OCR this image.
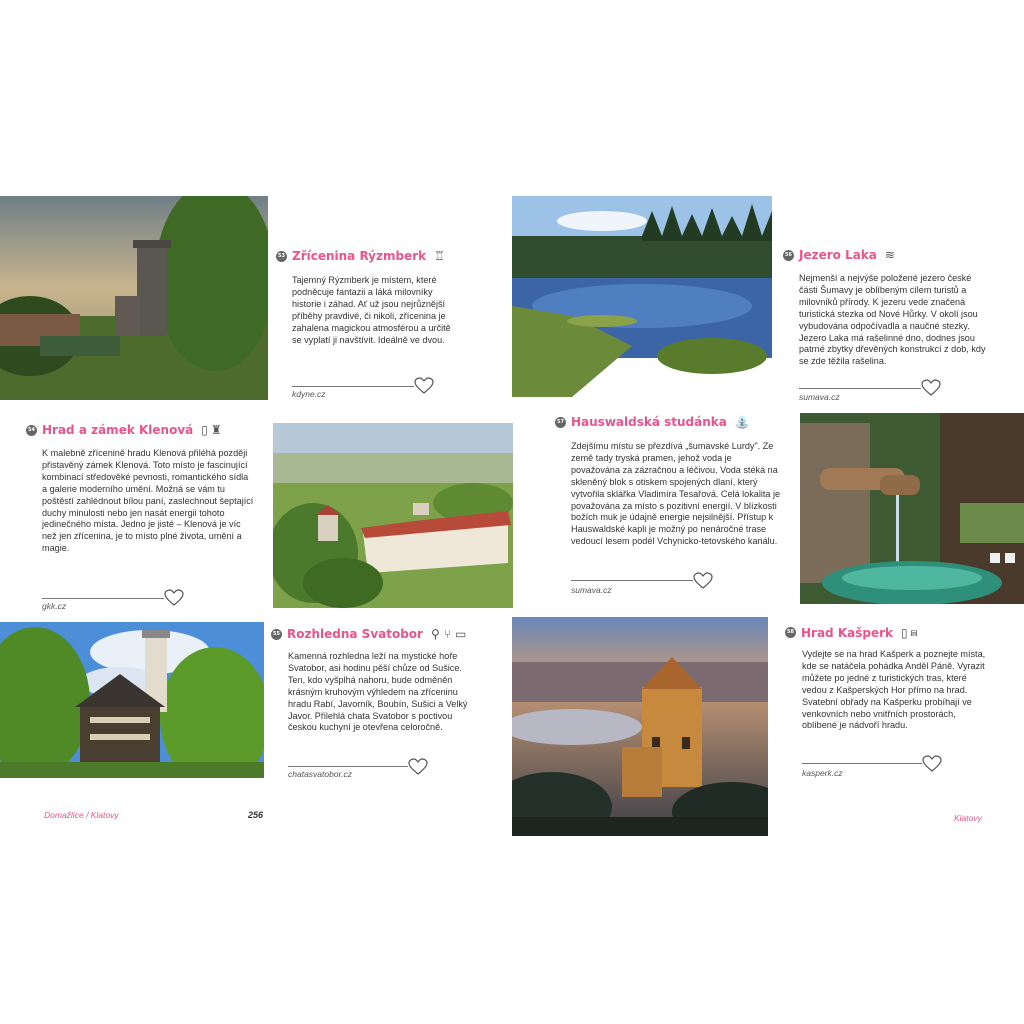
53 Zřícenina Rýzmberk ♖
Tajemný Rýzmberk je místem, které podněcuje fantazii a láká milovníky historie i záhad. Ať už jsou nejrůznější příběhy pravdivé, či nikoli, zřícenina je zahalena magickou atmosférou a určitě se vyplatí ji navštívit. Ideálně ve dvou.
kdyne.cz
54 Hrad a zámek Klenová ▯ ♜
K malebně zřícenině hradu Klenová přiléhá později přistavěný zámek Klenová. Toto místo je fascinující kombinací středověké pevnosti, romantického sídla a galerie moderního umění. Možná se vám tu poštěstí zahlédnout bílou paní, zaslechnout šeptající duchy minulosti nebo jen nasát energii tohoto jedinečného místa. Jedno je jisté – Klenová je víc než jen zřícenina, je to místo plné života, umění a magie.
gkk.cz
55 Rozhledna Svatobor ⚲ ⑂ ▭
Kamenná rozhledna leží na mystické hoře Svatobor, asi hodinu pěší chůze od Sušice. Ten, kdo vyšplhá nahoru, bude odměněn krásným kruhovým výhledem na zříceninu hradu Rabí, Javorník, Boubín, Sušici a Velký Javor. Přilehlá chata Svatobor s poctivou českou kuchyní je otevřena celoročně.
chatasvatobor.cz
56 Jezero Laka ≋
Nejmenší a nejvýše položené jezero české části Šumavy je oblíbeným cílem turistů a milovníků přírody. K jezeru vede značená turistická stezka od Nové Hůrky. V okolí jsou vybudována odpočívadla a naučné stezky. Jezero Laka má rašelinné dno, dodnes jsou patrné zbytky dřevěných konstrukcí z dob, kdy se zde těžila rašelina.
sumava.cz
57 Hauswaldská studánka ⛲
Zdejšímu místu se přezdívá „šumavské Lurdy". Ze země tady tryská pramen, jehož voda je považována za zázračnou a léčivou. Voda stéká na skleněný blok s otiskem spojených dlaní, který vytvořila sklářka Vladimíra Tesařová. Celá lokalita je považována za místo s pozitivní energií. V blízkosti božích muk je údajně energie nejsilnější. Přístup k Hauswaldské kapli je možný po nenáročné trase vedoucí lesem podél Vchynicko-tetovského kanálu.
sumava.cz
58 Hrad Kašperk ▯ ⩎
Vydejte se na hrad Kašperk a poznejte místa, kde se natáčela pohádka Anděl Páně. Vyrazit můžete po jedné z turistických tras, které vedou z Kašperských Hor přímo na hrad. Svatební obřady na Kašperku probíhají ve venkovních nebo vnitřních prostorách, oblíbené je nádvoří hradu.
kasperk.cz
Domažlice / Klatovy	256	Klatovy
